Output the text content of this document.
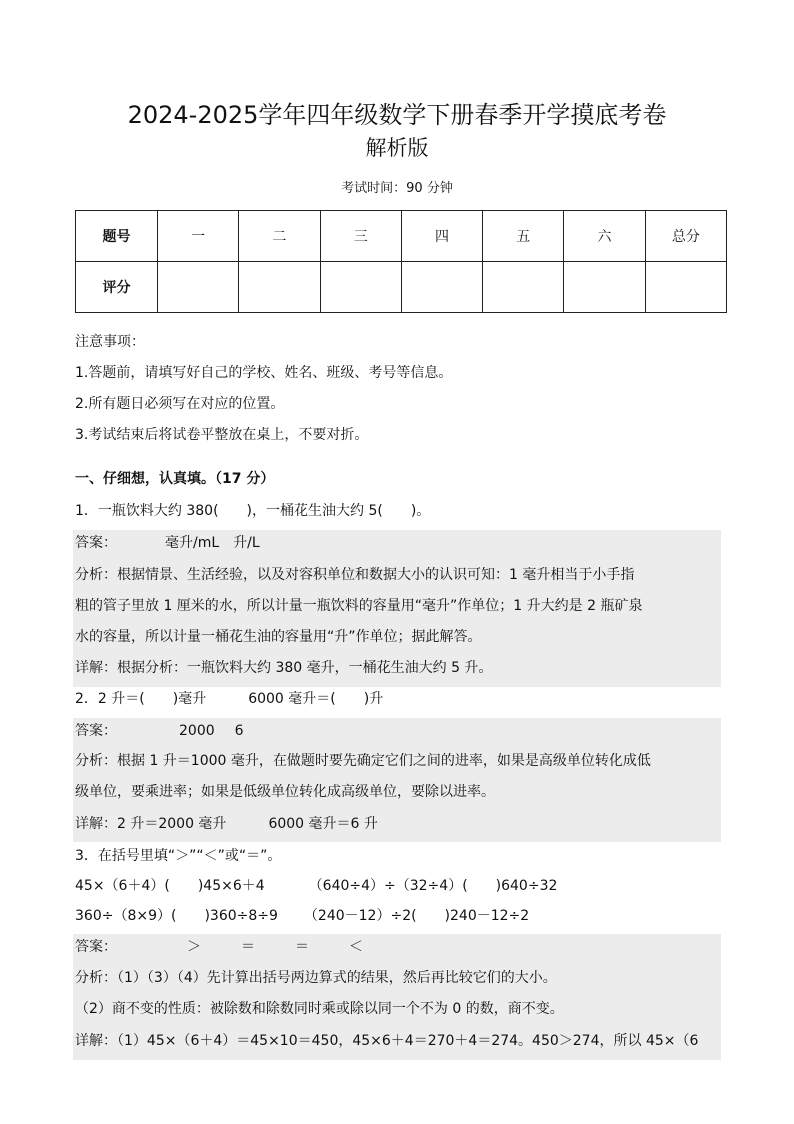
2024-2025学年四年级数学下册春季开学摸底考卷
解析版
考试时间：90 分钟
题号	一	二	三	四	五	六	总分
评分							
注意事项：
1.答题前，请填写好自己的学校、姓名、班级、考号等信息。
2.所有题日必须写在对应的位置。
3.考试结束后将试卷平整放在桌上，不要对折。
一、仔细想，认真填。（17 分）
1．一瓶饮料大约 380(　　)，一桶花生油大约 5(　　)。
答案：	毫升/mL 升/L
分析：根据情景、生活经验，以及对容积单位和数据大小的认识可知：1 毫升相当于小手指
粗的管子里放 1 厘米的水，所以计量一瓶饮料的容量用“毫升”作单位；1 升大约是 2 瓶矿泉
水的容量，所以计量一桶花生油的容量用“升”作单位；据此解答。
详解：根据分析：一瓶饮料大约 380 毫升，一桶花生油大约 5 升。
2．2 升＝(　　)毫升	6000 毫升＝(　　)升
答案：	2000 6
分析：根据 1 升＝1000 毫升，在做题时要先确定它们之间的进率，如果是高级单位转化成低
级单位，要乘进率；如果是低级单位转化成高级单位，要除以进率。
详解：2 升＝2000 毫升	6000 毫升＝6 升
3．在括号里填“＞”“＜”或“＝”。
45×（6＋4）(　　)45×6＋4	（640÷4）÷（32÷4）(　　)640÷32
360÷（8×9）(　　)360÷8÷9 （240－12）÷2(　　)240－12÷2
答案：	＞	＝	＝	＜
分析：（1）（3）（4）先计算出括号两边算式的结果，然后再比较它们的大小。
（2）商不变的性质：被除数和除数同时乘或除以同一个不为 0 的数，商不变。
详解：（1）45×（6＋4）＝45×10＝450，45×6＋4＝270＋4＝274。450＞274，所以 45×（6
